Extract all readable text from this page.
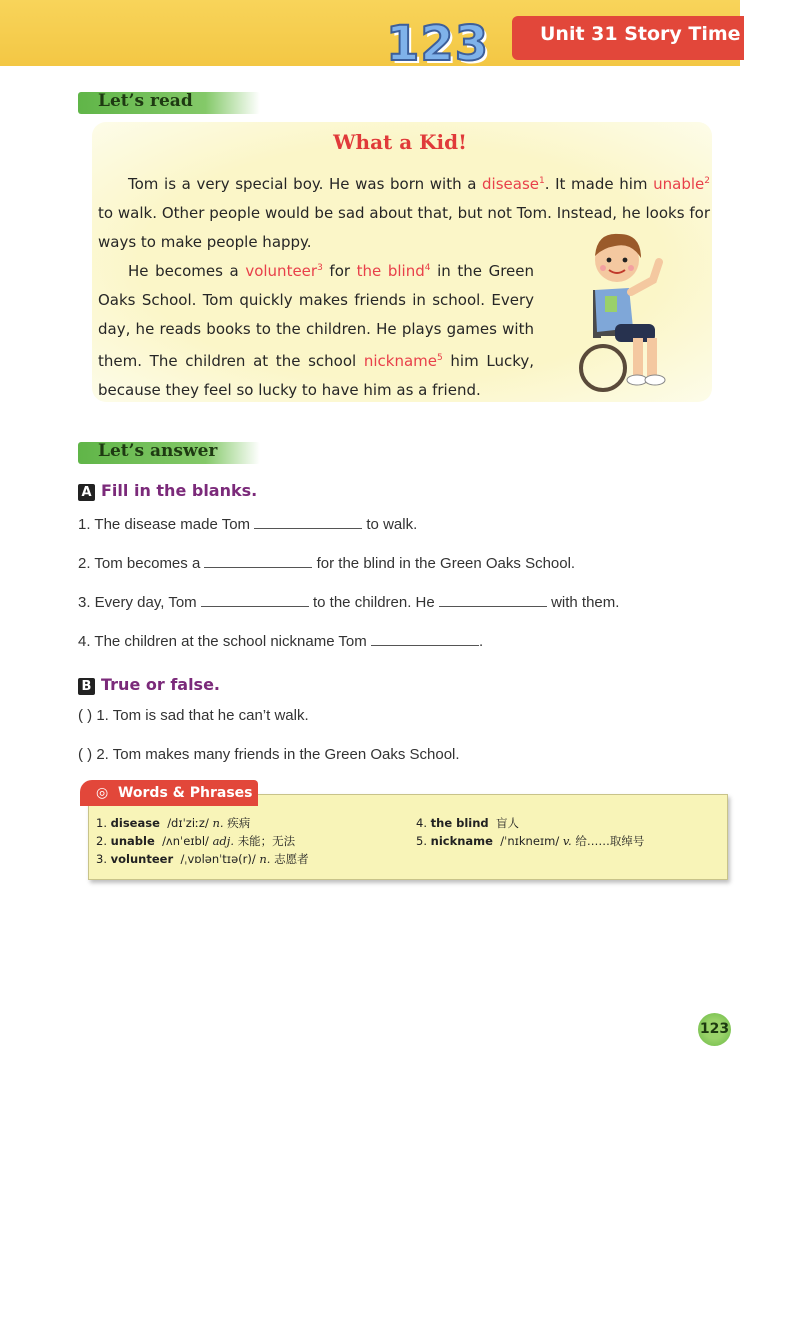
123	Unit 31 Story Time
Let’s read
What a Kid!
Tom is a very special boy. He was born with a disease$^1$. It made him unable$^2$ to walk. Other people would be sad about that, but not Tom. Instead, he looks for ways to make people happy.
He becomes a volunteer$^3$ for the blind$^4$ in the Green Oaks School. Tom quickly makes friends in school. Every day, he reads books to the children. He plays games with them. The children at the school nickname$^5$ him Lucky, because they feel so lucky to have him as a friend.
Let’s answer
A Fill in the blanks.
1. The disease made Tom	to walk.
2. Tom becomes a	for the blind in the Green Oaks School.
3. Every day, Tom	to the children. He	with them.
4. The children at the school nickname Tom	.
B True or false.
( ) 1. Tom is sad that he can’t walk.
( ) 2. Tom makes many friends in the Green Oaks School.
◎ Words & Phrases
1. disease /dɪˈziːz/ n. 疾病
2. unable /ʌnˈeɪbl/ adj. 未能；无法
3. volunteer /ˌvɒlənˈtɪə(r)/ n. 志愿者
4. the blind 盲人
5. nickname /ˈnɪkneɪm/ v. 给……取绰号
123
